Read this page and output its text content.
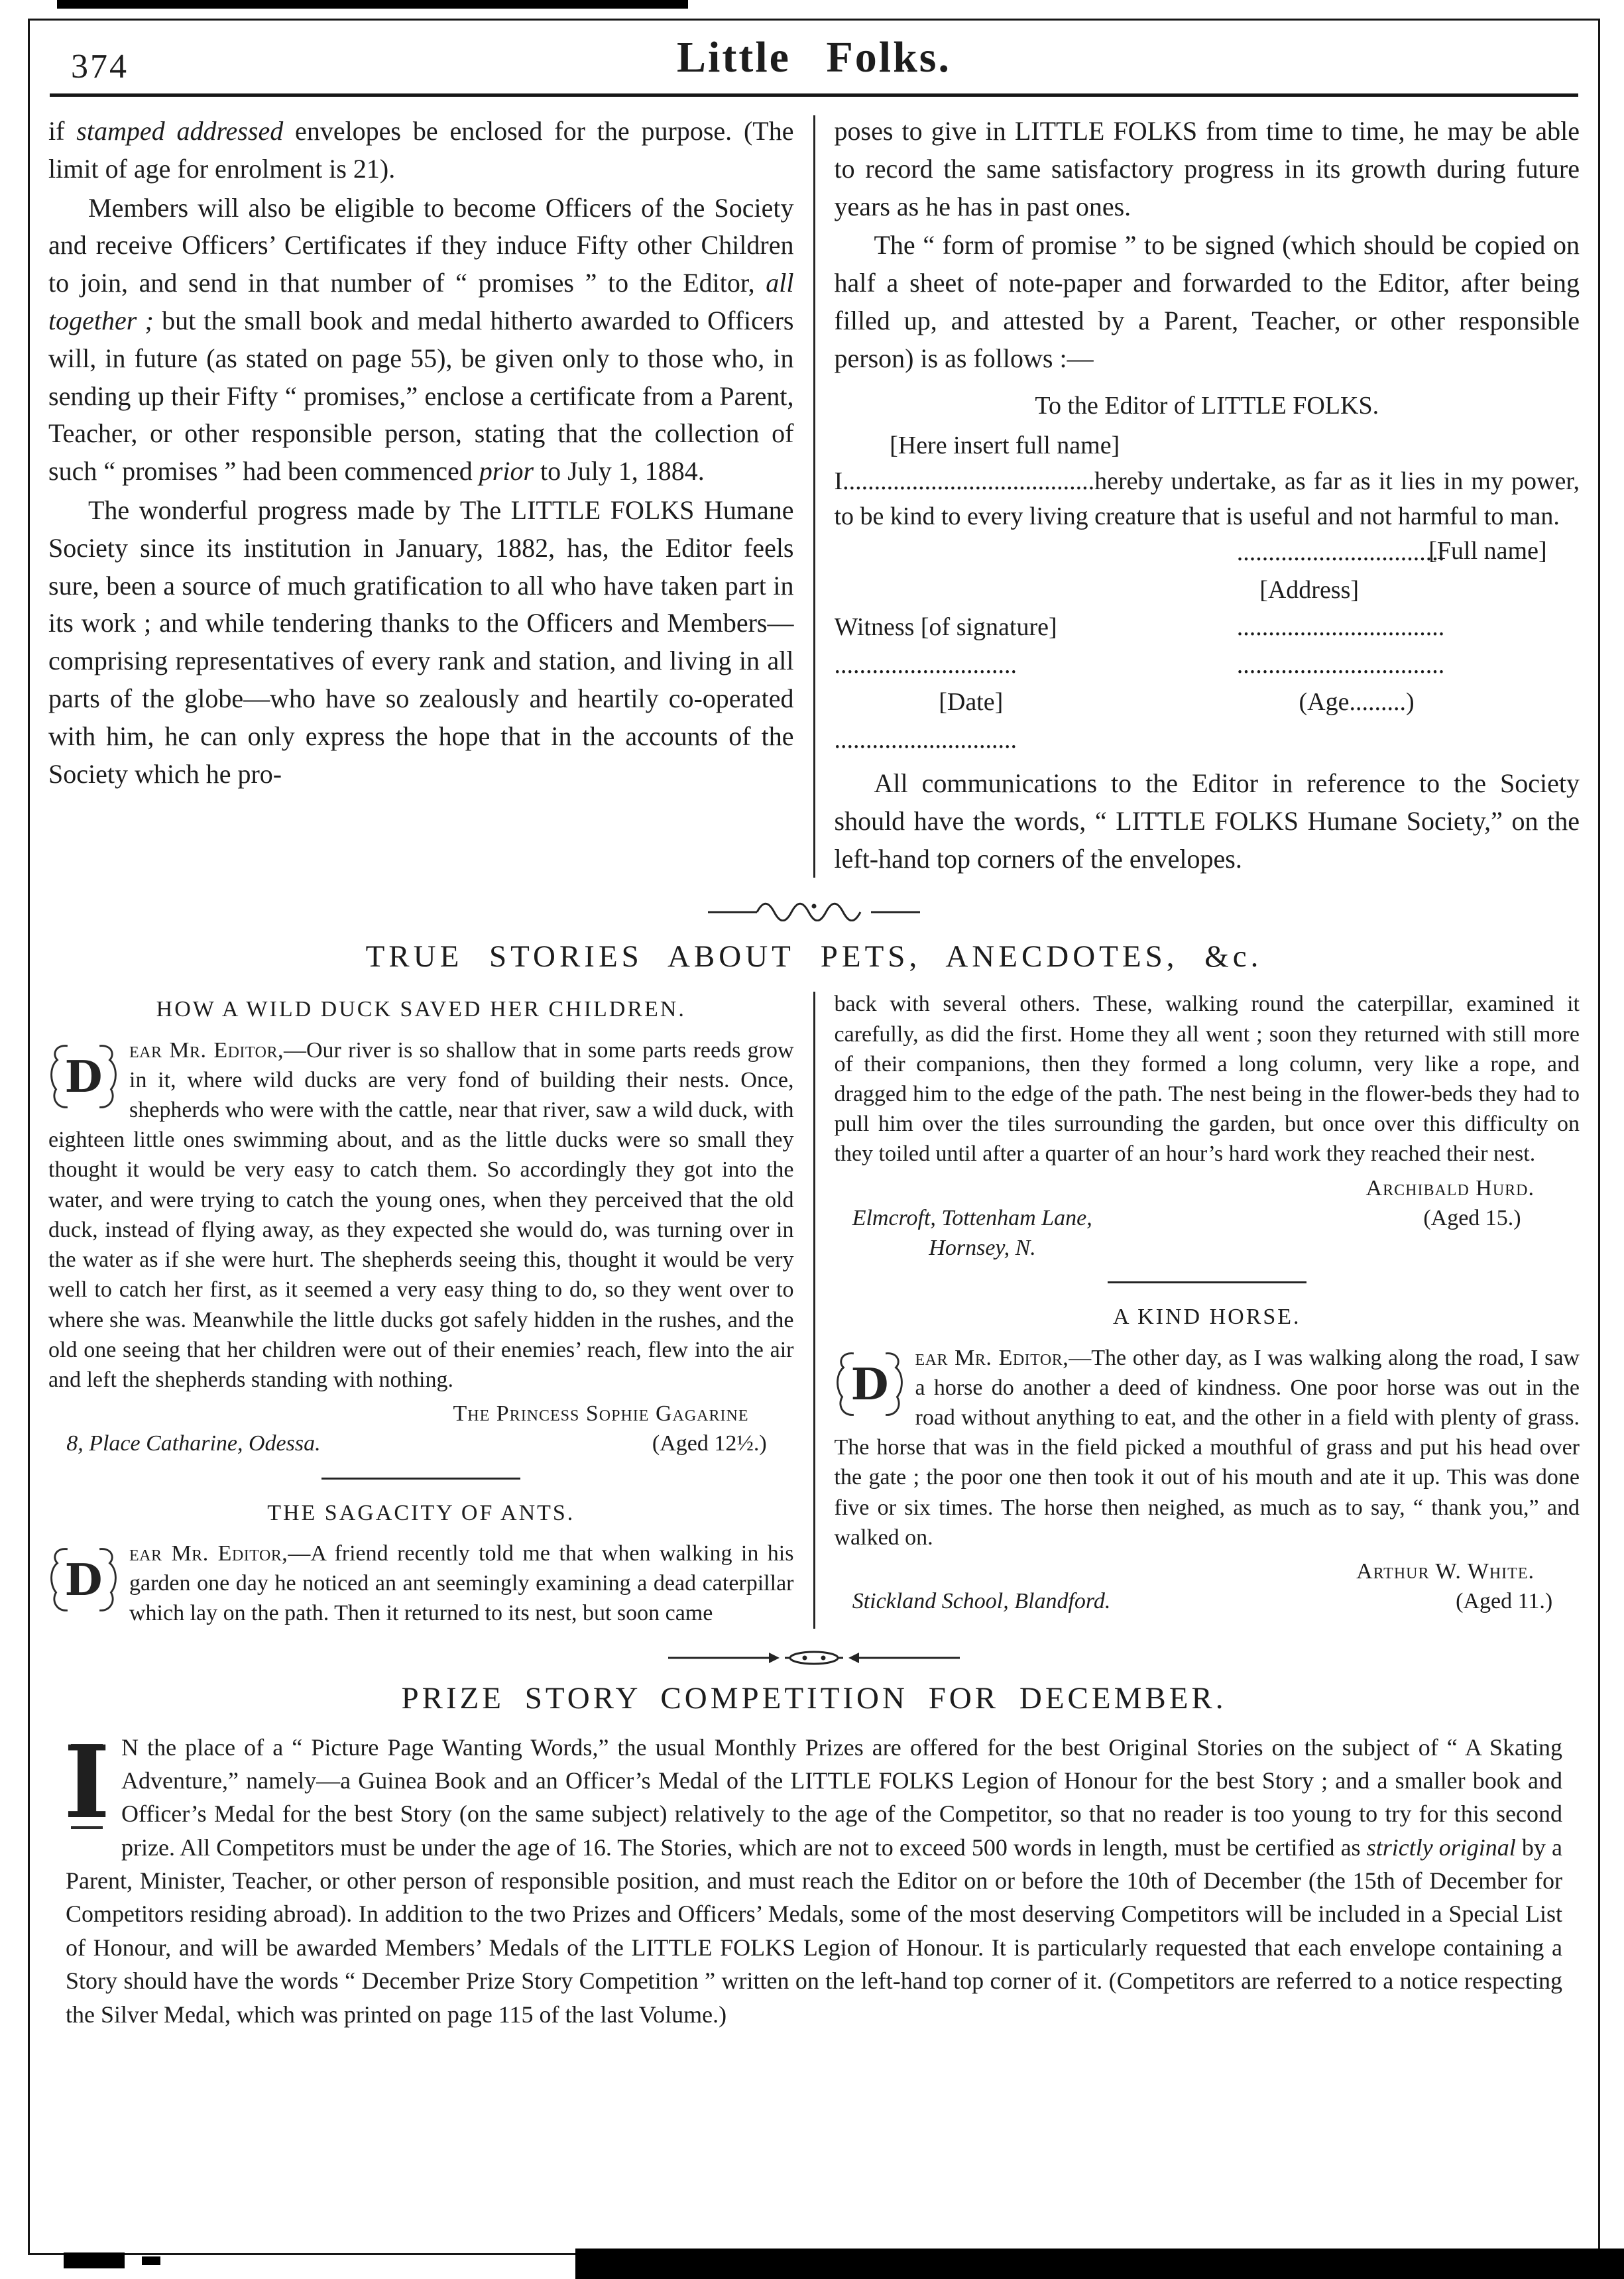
374	Little Folks.

if stamped addressed envelopes be enclosed for the purpose. (The limit of age for enrolment is 21).

Members will also be eligible to become Officers of the Society and receive Officers’ Certificates if they induce Fifty other Children to join, and send in that number of “ promises ” to the Editor, all together ; but the small book and medal hitherto awarded to Officers will, in future (as stated on page 55), be given only to those who, in sending up their Fifty “ promises,” enclose a certificate from a Parent, Teacher, or other responsible person, stating that the collection of such “ promises ” had been commenced prior to July 1, 1884.

The wonderful progress made by The LITTLE FOLKS Humane Society since its institution in January, 1882, has, the Editor feels sure, been a source of much gratification to all who have taken part in its work ; and while tendering thanks to the Officers and Members—comprising representatives of every rank and station, and living in all parts of the globe—who have so zealously and heartily co-operated with him, he can only express the hope that in the accounts of the Society which he pro-

poses to give in LITTLE FOLKS from time to time, he may be able to record the same satisfactory progress in its growth during future years as he has in past ones.

The “ form of promise ” to be signed (which should be copied on half a sheet of note-paper and forwarded to the Editor, after being filled up, and attested by a Parent, Teacher, or other responsible person) is as follows :—

To the Editor of LITTLE FOLKS.

[Here insert full name]

I........................................hereby undertake, as far as it lies in my power, to be kind to every living creature that is useful and not harmful to man.
[Full name]

.................................
[Address]
Witness [of signature]	.................................
.............................	.................................
[Date]	(Age.........)
.............................

All communications to the Editor in reference to the Society should have the words, “ LITTLE FOLKS Humane Society,” on the left-hand top corners of the envelopes.

TRUE STORIES ABOUT PETS, ANECDOTES, &c.
HOW A WILD DUCK SAVED HER CHILDREN.

D
ear Mr. Editor,—Our river is so shallow that in some parts reeds grow in it, where wild ducks are very fond of building their nests. Once, shepherds who were with the cattle, near that river, saw a wild duck, with eighteen little ones swimming about, and as the little ducks were so small they thought it would be very easy to catch them. So accordingly they got into the water, and were trying to catch the young ones, when they perceived that the old duck, instead of flying away, as they expected she would do, was turning over in the water as if she were hurt. The shepherds seeing this, thought it would be very well to catch her first, as it seemed a very easy thing to do, so they went over to where she was. Meanwhile the little ducks got safely hidden in the rushes, and the old one seeing that her children were out of their enemies’ reach, flew into the air and left the shepherds standing with nothing.

The Princess Sophie Gagarine
8, Place Catharine, Odessa.	(Aged 12½.)
THE SAGACITY OF ANTS.

D
ear Mr. Editor,—A friend recently told me that when walking in his garden one day he noticed an ant seemingly examining a dead caterpillar which lay on the path. Then it returned to its nest, but soon came

back with several others. These, walking round the caterpillar, examined it carefully, as did the first. Home they all went ; soon they returned with still more of their companions, then they formed a long column, very like a rope, and dragged him to the edge of the path. The nest being in the flower-beds they had to pull him over the tiles surrounding the garden, but once over this difficulty on they toiled until after a quarter of an hour’s hard work they reached their nest.

Archibald Hurd.
Elmcroft, Tottenham Lane,	(Aged 15.)
Hornsey, N.
A KIND HORSE.

D
ear Mr. Editor,—The other day, as I was walking along the road, I saw a horse do another a deed of kindness. One poor horse was out in the road without anything to eat, and the other in a field with plenty of grass. The horse that was in the field picked a mouthful of grass and put his head over the gate ; the poor one then took it out of his mouth and ate it up. This was done five or six times. The horse then neighed, as much as to say, “ thank you,” and walked on.

Arthur W. White.
Stickland School, Blandford.	(Aged 11.)
PRIZE STORY COMPETITION FOR DECEMBER.

I N the place of a “ Picture Page Wanting Words,” the usual Monthly Prizes are offered for the best Original Stories on the subject of “ A Skating Adventure,” namely—a Guinea Book and an Officer’s Medal of the LITTLE FOLKS Legion of Honour for the best Story ; and a smaller book and Officer’s Medal for the best Story (on the same subject) relatively to the age of the Competitor, so that no reader is too young to try for this second prize. All Competitors must be under the age of 16. The Stories, which are not to exceed 500 words in length, must be certified as strictly original by a Parent, Minister, Teacher, or other person of responsible position, and must reach the Editor on or before the 10th of December (the 15th of December for Competitors residing abroad). In addition to the two Prizes and Officers’ Medals, some of the most deserving Competitors will be included in a Special List of Honour, and will be awarded Members’ Medals of the LITTLE FOLKS Legion of Honour. It is particularly requested that each envelope containing a Story should have the words “ December Prize Story Competition ” written on the left-hand top corner of it. (Competitors are referred to a notice respecting the Silver Medal, which was printed on page 115 of the last Volume.)
